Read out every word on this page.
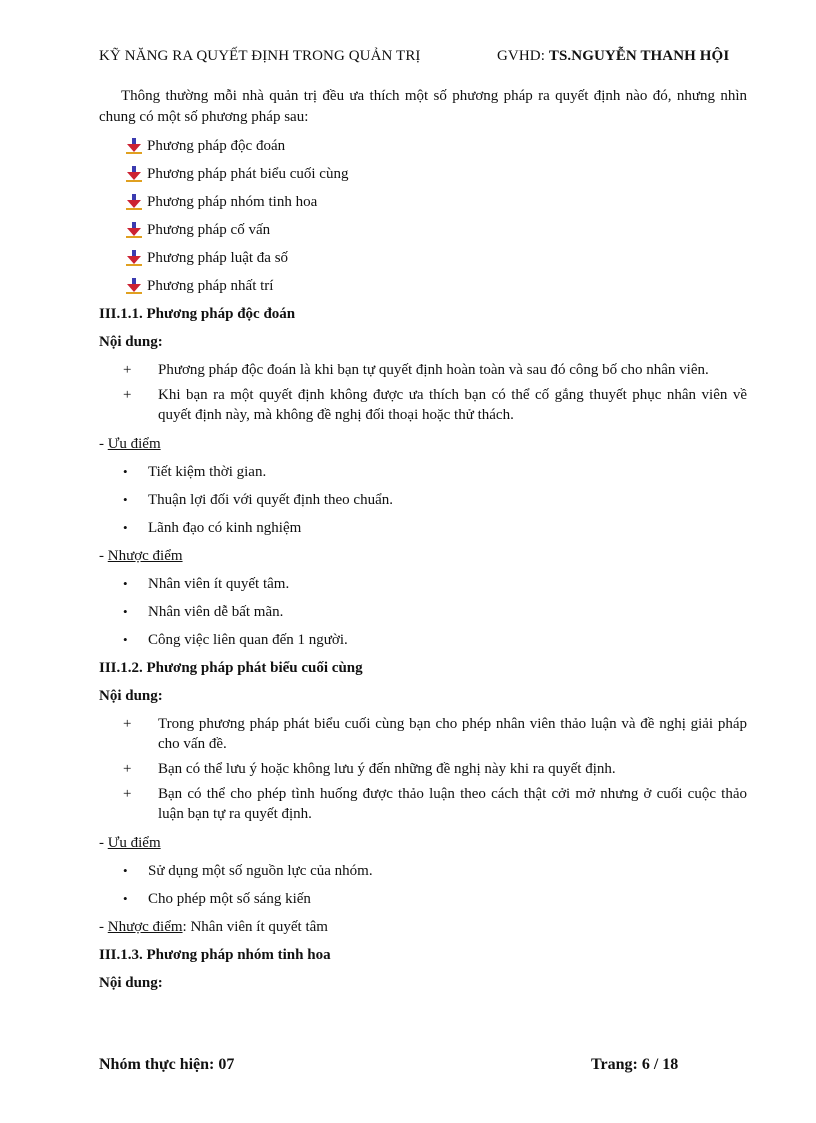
KỸ NĂNG RA QUYẾT ĐỊNH TRONG QUẢN TRỊ	GVHD: TS.NGUYỄN THANH HỘI

Thông thường mỗi nhà quản trị đều ưa thích một số phương pháp ra quyết định nào đó, nhưng nhìn chung có một số phương pháp sau:

Phương pháp độc đoán
Phương pháp phát biểu cuối cùng
Phương pháp nhóm tinh hoa
Phương pháp cố vấn
Phương pháp luật đa số
Phương pháp nhất trí
III.1.1. Phương pháp độc đoán
Nội dung:
+ Phương pháp độc đoán là khi bạn tự quyết định hoàn toàn và sau đó công bố cho nhân viên.
+ Khi bạn ra một quyết định không được ưa thích bạn có thể cố gắng thuyết phục nhân viên về quyết định này, mà không đề nghị đối thoại hoặc thử thách.
- Ưu điểm
• Tiết kiệm thời gian.
• Thuận lợi đối với quyết định theo chuẩn.
• Lãnh đạo có kinh nghiệm
- Nhược điểm
• Nhân viên ít quyết tâm.
• Nhân viên dễ bất mãn.
• Công việc liên quan đến 1 người.
III.1.2. Phương pháp phát biểu cuối cùng
Nội dung:
+ Trong phương pháp phát biểu cuối cùng bạn cho phép nhân viên thảo luận và đề nghị giải pháp cho vấn đề.
+ Bạn có thể lưu ý hoặc không lưu ý đến những đề nghị này khi ra quyết định.
+ Bạn có thể cho phép tình huống được thảo luận theo cách thật cởi mở nhưng ở cuối cuộc thảo luận bạn tự ra quyết định.
- Ưu điểm
• Sử dụng một số nguồn lực của nhóm.
• Cho phép một số sáng kiến
- Nhược điểm: Nhân viên ít quyết tâm
III.1.3. Phương pháp nhóm tinh hoa
Nội dung:
Nhóm thực hiện: 07	Trang: 6 / 18
